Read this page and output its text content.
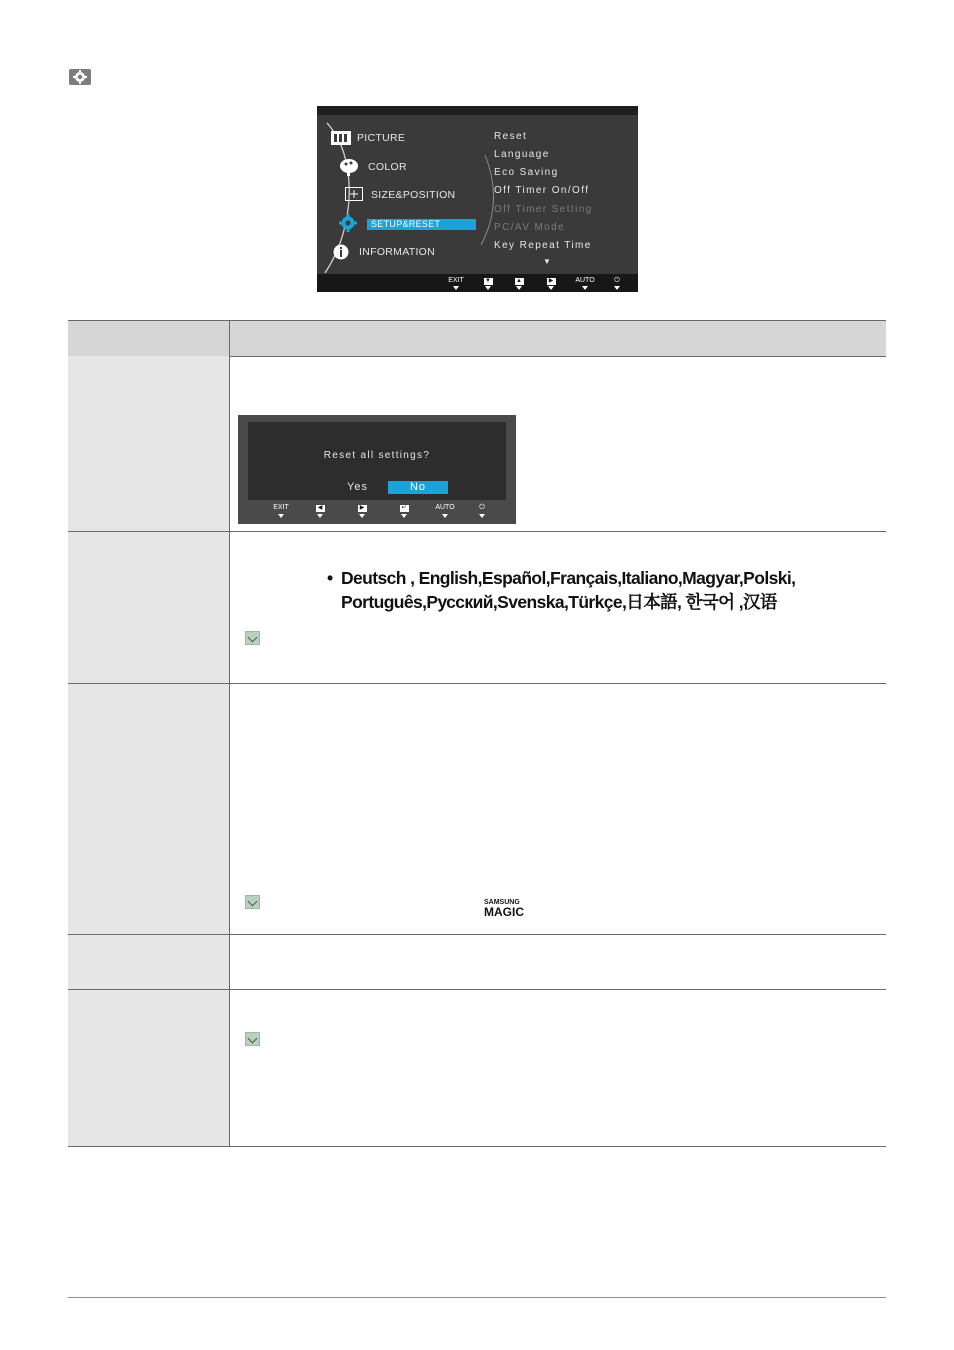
PICTURE
COLOR
SIZE&POSITION
SETUP&RESET
INFORMATION
Reset
Language
Eco Saving
Off Timer On/Off
Off Timer Setting
PC/AV Mode
Key Repeat Time
▼
EXIT	▼	▲	▶	AUTO	⏻
Reset all settings?
Yes	No
EXIT	◀	▶	↵	AUTO	⏻
• Deutsch , English,Español,Français,Italiano,Magyar,Polski,
Português,Русский,Svenska,Türkçe,日本語, 한국어 ,汉语
SAMSUNG
MAGIC
